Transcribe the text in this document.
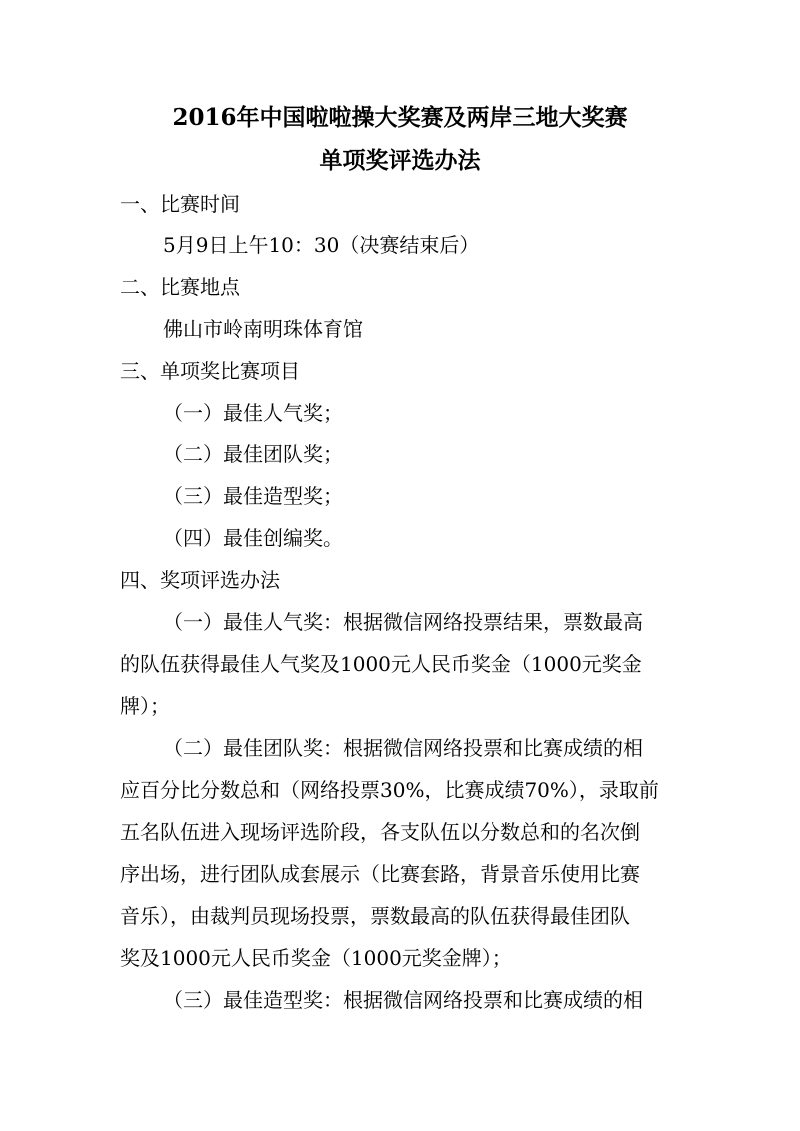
2016年中国啦啦操大奖赛及两岸三地大奖赛
单项奖评选办法
一、比赛时间
5月9日上午10：30（决赛结束后）
二、比赛地点
佛山市岭南明珠体育馆
三、单项奖比赛项目
（一）最佳人气奖；
（二）最佳团队奖；
（三）最佳造型奖；
（四）最佳创编奖。
四、奖项评选办法
（一）最佳人气奖：根据微信网络投票结果，票数最高
的队伍获得最佳人气奖及1000元人民币奖金（1000元奖金
牌）；
（二）最佳团队奖：根据微信网络投票和比赛成绩的相
应百分比分数总和（网络投票30%，比赛成绩70%），录取前
五名队伍进入现场评选阶段，各支队伍以分数总和的名次倒
序出场，进行团队成套展示（比赛套路，背景音乐使用比赛
音乐），由裁判员现场投票，票数最高的队伍获得最佳团队
奖及1000元人民币奖金（1000元奖金牌）；
（三）最佳造型奖：根据微信网络投票和比赛成绩的相
